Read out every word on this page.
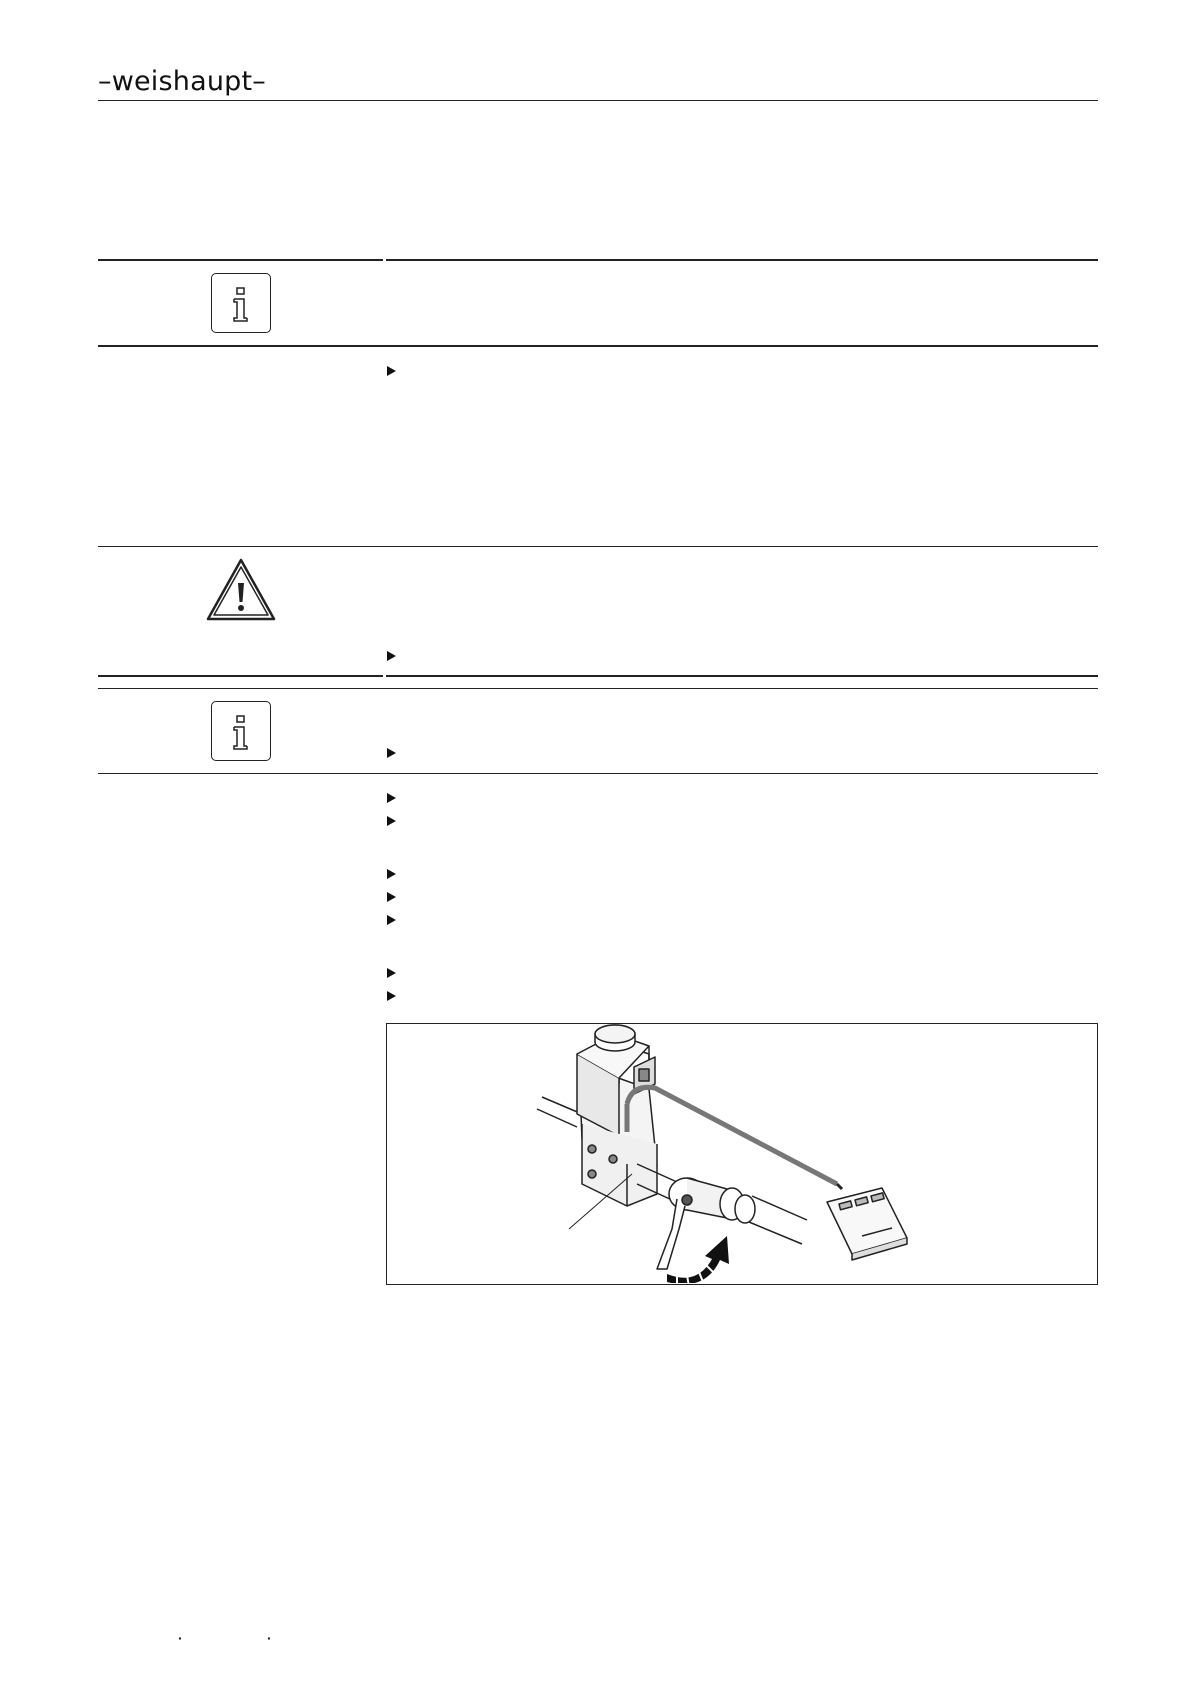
–weishaupt–
·	·
